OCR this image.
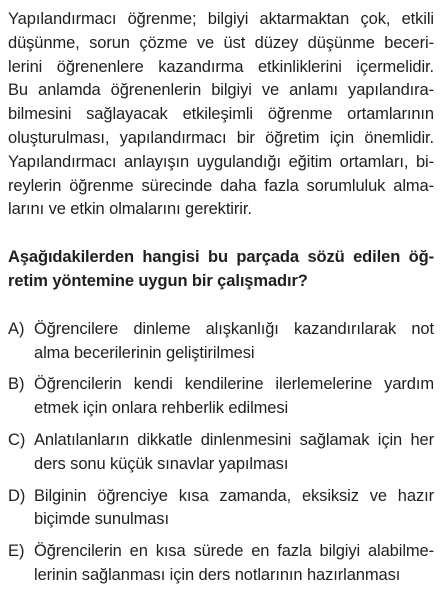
Yapılandırmacı öğrenme; bilgiyi aktarmaktan çok, etkili
düşünme, sorun çözme ve üst düzey düşünme beceri-
lerini öğrenenlere kazandırma etkinliklerini içermelidir.
Bu anlamda öğrenenlerin bilgiyi ve anlamı yapılandıra-
bilmesini sağlayacak etkileşimli öğrenme ortamlarının
oluşturulması, yapılandırmacı bir öğretim için önemlidir.
Yapılandırmacı anlayışın uygulandığı eğitim ortamları, bi-
reylerin öğrenme sürecinde daha fazla sorumluluk alma-
larını ve etkin olmalarını gerektirir.
Aşağıdakilerden hangisi bu parçada sözü edilen öğ-
retim yöntemine uygun bir çalışmadır?
A) Öğrencilere dinleme alışkanlığı kazandırılarak not
alma becerilerinin geliştirilmesi
B) Öğrencilerin kendi kendilerine ilerlemelerine yardım
etmek için onlara rehberlik edilmesi
C) Anlatılanların dikkatle dinlenmesini sağlamak için her
ders sonu küçük sınavlar yapılması
D) Bilginin öğrenciye kısa zamanda, eksiksiz ve hazır
biçimde sunulması
E) Öğrencilerin en kısa sürede en fazla bilgiyi alabilme-
lerinin sağlanması için ders notlarının hazırlanması
